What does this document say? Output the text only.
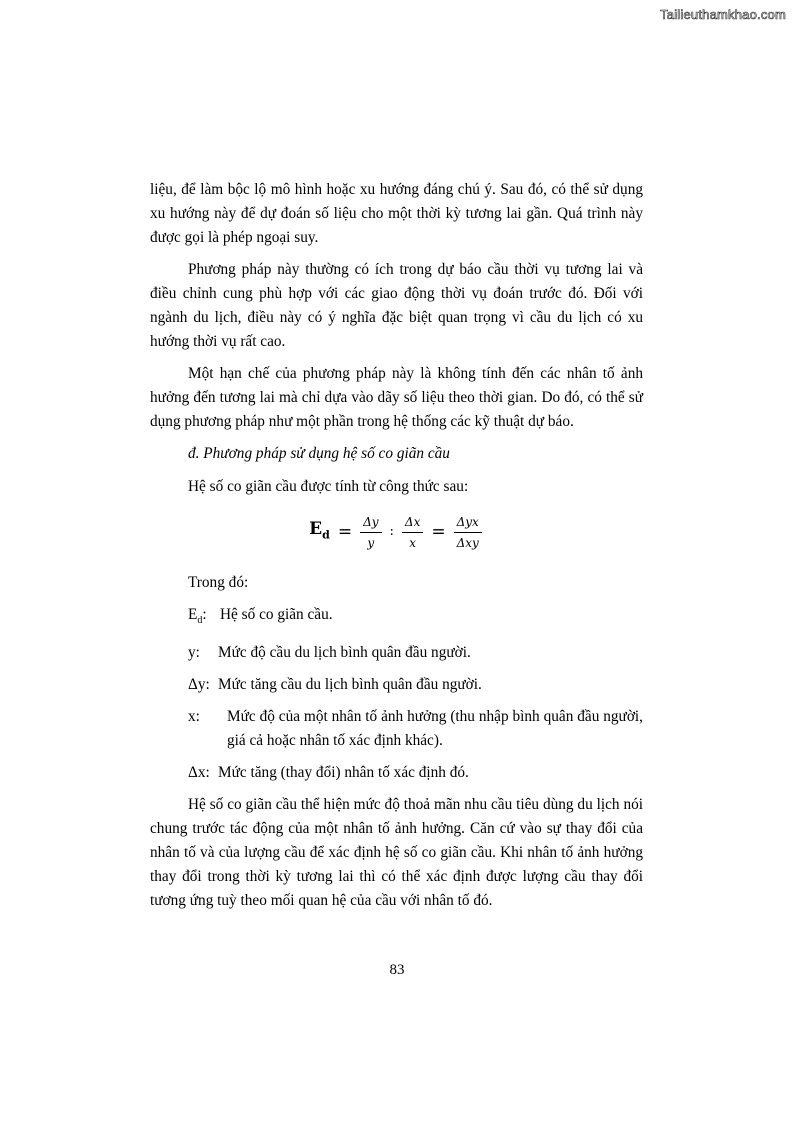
Tailieuthamkhao.com

liệu, để làm bộc lộ mô hình hoặc xu hướng đáng chú ý. Sau đó, có thể sử dụng xu hướng này để dự đoán số liệu cho một thời kỳ tương lai gần. Quá trình này được gọi là phép ngoại suy.

Phương pháp này thường có ích trong dự báo cầu thời vụ tương lai và điều chỉnh cung phù hợp với các giao động thời vụ đoán trước đó. Đối với ngành du lịch, điều này có ý nghĩa đặc biệt quan trọng vì cầu du lịch có xu hướng thời vụ rất cao.

Một hạn chế của phương pháp này là không tính đến các nhân tố ảnh hưởng đến tương lai mà chỉ dựa vào dãy số liệu theo thời gian. Do đó, có thể sử dụng phương pháp như một phần trong hệ thống các kỹ thuật dự báo.

đ. Phương pháp sử dụng hệ số co giãn cầu

Hệ số co giãn cầu được tính từ công thức sau:

$E_d = \frac{\Delta y}{y}$ : $\frac{\Delta x}{x} = \frac{\text{Δyx}}{\text{Δxy}}$

Trong đó:

$E_d$: Hệ số co giãn cầu.
y:	Mức độ cầu du lịch bình quân đầu người.
Δy: Mức tăng cầu du lịch bình quân đầu người.
x:	Mức độ của một nhân tố ảnh hưởng (thu nhập bình quân đầu người, giá cả hoặc nhân tố xác định khác).
Δx: Mức tăng (thay đổi) nhân tố xác định đó.

Hệ số co giãn cầu thể hiện mức độ thoả mãn nhu cầu tiêu dùng du lịch nói chung trước tác động của một nhân tố ảnh hưởng. Căn cứ vào sự thay đổi của nhân tố và của lượng cầu để xác định hệ số co giãn cầu. Khi nhân tố ảnh hưởng thay đổi trong thời kỳ tương lai thì có thể xác định được lượng cầu thay đổi tương ứng tuỳ theo mối quan hệ của cầu với nhân tố đó.

83
